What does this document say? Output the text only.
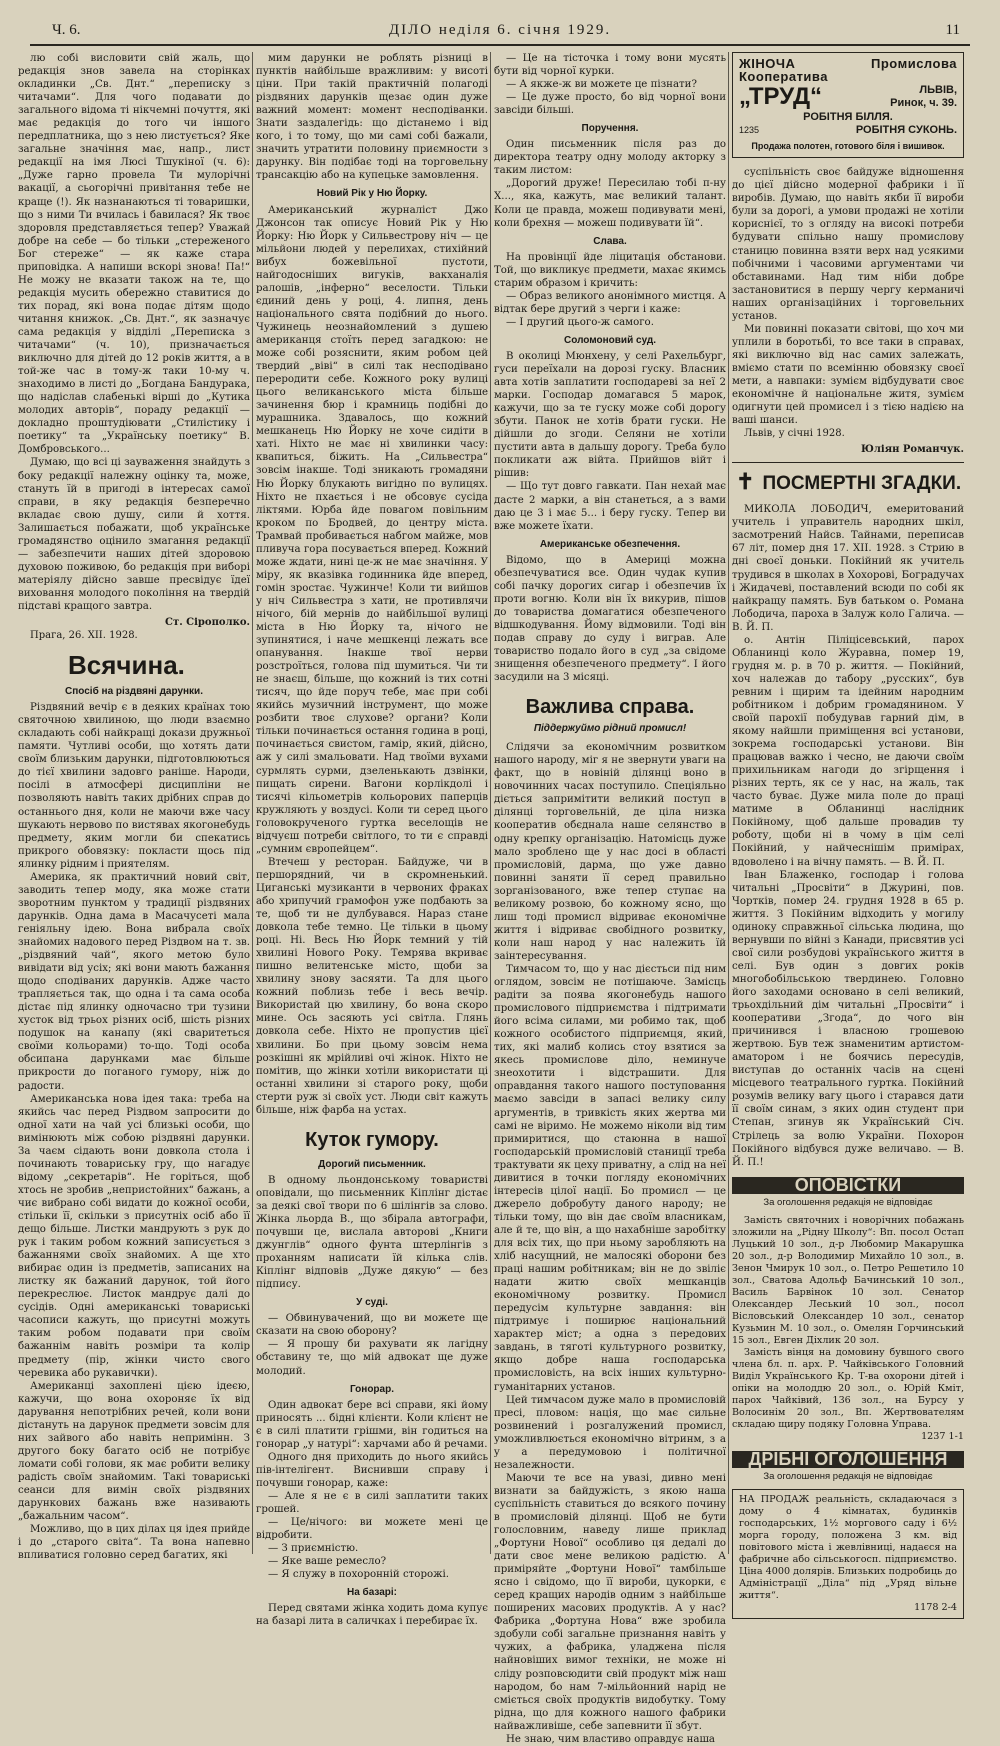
Ч. 6.	ДІЛО неділя 6. січня 1929.	11

лю собі висловити свій жаль, що редакція знов завела на сторінках окладинки „Св. Днт.“ „переписку з читачами“. Для чого подавати до загального відома ті нікчемні почуття, які має редакція до того чи іншого передплатника, що з нею листується? Яке загальне значіння має, напр., лист редакції на імя Люсі Тшукіної (ч. 6): „Дуже гарно провела Ти мулорічні вакації, а сьогорічні привітання тебе не краще (!). Як назнанаються ті товаришки, що з ними Ти вчилась і бавилася? Як твоє здоровля представляється тепер? Уважай добре на себе — бо тільки „стереженого Бог стереже“ — як каже стара приповідка. А напиши вскорі знова! Па!“ Не можу не вказати також на те, що редакція мусить обережно ставитися до тих порад, які вона подає дітям щодо читання книжок. „Св. Днт.“, як зазначує сама редакція у відділі „Переписка з читачами“ (ч. 10), призначається виключно для дітей до 12 років життя, а в той-же час в тому-ж таки 10-му ч. знаходимо в листі до „Богдана Бандурака, що надіслав слабенькі вірші до „Кутика молодих авторів“, пораду редакції — докладно проштудіювати „Стилістику і поетику“ та „Українську поетику“ В. Домбровського...

Думаю, що всі ці зауваження знайдуть з боку редакції належну оцінку та, може, стануть їй в пригоді в інтересах самої справи, в яку редакція безперечно вкладає свою душу, сили й хоття. Залишається побажати, щоб українське громадянство оцінило змагання редакції — забезпечити наших дітей здоровою духовою поживою, бо редакція при виборі матеріялу дійсно завше пресвідує їдеї виховання молодого покоління на твердій підставі кращого завтра.

Ст. Сірополко.
Прага, 26. XII. 1928.
Всячина.
Спосіб на різдвяні дарунки.

Різдвяний вечір є в деяких країнах тою святочною хвилиною, що люди взаємно складають собі найкращі докази дружньої памяти. Чутливі особи, що хотять дати своїм близьким дарунки, підготовлюються до тієї хвилини задовго раніше. Народи, посілі в атмосфері дисципліни не позволяють навіть таких дрібних справ до останнього дня, коли не маючи вже часу шукають нервово по вистявах якогонебудь предмету, яким могли би спекатись прикрого обовязку: покласти щось під ялинку рідним і приятелям.

Америка, як практичний новий світ, заводить тепер моду, яка може стати зворотним пунктом у традиції різдвяних дарунків. Одна дама в Масачусеті мала геніяльну ідею. Вона вибрала своїх знайомих надового перед Різдвом на т. зв. „різдвяний чай“, якого метою було вивідати від усіх; які вони мають бажання щодо сподіваних дарунків. Адже часто трапляється так, що одна і та сама особа дістає під ялинку одночасно три тузини хусток від трьох різних осіб, шість різних подушок на канапу (які сваритеться своїми кольорами) то-що. Тоді особа обсипана дарунками має більше прикрости до поганого гумору, ніж до радости.

Американська нова ідея така: треба на якийсь час перед Різдвом запросити до одної хати на чай усі близькі особи, що вимінюють між собою різдвяні дарунки. За чаєм сідають вони довкола стола і починають товариську гру, що нагадує відому „секретарів“. Не горіться, щоб хтось не зробив „непристойних“ бажань, а чиє вибрано собі видати до кожної особи, стільки її, скільки з присутніх осіб або її дещо більше. Листки мандрують з рук до рук і таким робом кожний записується з бажаннями своїх знайомих. А ще хто вибирає один із предметів, записаних на листку як бажаний дарунок, той його перекреслює. Листок мандрує далі до сусідів. Одні американські товариські часописи кажуть, що присутні можуть таким робом подавати при своїм бажаннім навіть розміри та колір предмету (пір, жінки чисто свого черевика або рукавички).

Американці захоплені цією ідеєю, кажучи, що вона охороняє їх від дарування непотрібних речей, коли вони дістануть на дарунок предмети зовсім для них зайвого або навіть непримінн. З другого боку багато осіб не потрібує ломати собі голови, як має робити велику радість своїм знайомим. Такі товариські сеанси для вимін своїх різдвяних дарункових бажань вже називають „бажальним часом“.

Можливо, що в цих ділах ця ідея прийде і до „старого світа“. Та вона напевно впливатися головно серед багатих, які

мим дарунки не роблять різниці в пунктів найбільше вражливим: у висоті ціни. При такій практичній полагоді різдвяних дарунків щезає один дуже важний момент: момент несподіванки. Знати заздалегідь: що дістанемо і від кого, і то тому, що ми самі собі бажали, значить утратити половину приємности з дарунку. Він подібає тоді на торговельну трансакцію або на купецьке замовлення.

Новий Рік у Ню Йорку.

Американський журналіст Джо Джонсон так описує Новий Рік у Ню Йорку: Ню Йорк у Сильвестрову ніч — це мільйони людей у перелихах, стихійний вибух божевільної пустоти, найгодосніших вигуків, вакханалія ралошів, „інферно“ веселости. Тільки єдиний день у році, 4. липня, день національного свята подібний до нього. Чужинець неознайомлений з душею американця стоїть перед загадкою: не може собі розяснити, яким робом цей твердий „віві“ в силі так несподівано переродити себе. Кожного року вулиці цього великанського міста більше зачинення бюр і крамниць подібні до мурашника. Здавалось, що кожний мешканець Ню Йорку не хоче сидіти в хаті. Ніхто не має ні хвилинки часу: квапиться, біжить. На „Сильвестра“ зовсім інакше. Тоді зникають громадяни Ню Йорку блукають вигідно по вулицях. Ніхто не пхається і не обсовує сусіда ліктями. Юрба йде повагом повільним кроком по Бродвей, до центру міста. Трамвай пробивається набгом майже, мов пливуча гора посувається вперед. Кожний може ждати, нині це-ж не має значіння. У міру, як вказівка годинника йде вперед, гомін зростає. Чужинче! Коли ти вийшов у ніч Сильвестра з хати, не противлячи нічого, бій мернів до найбільшої вулиці міста в Ню Йорку та, нічого не зупинятися, і наче мешкенці лежать все опанування. Інакше твої нерви розстроїться, голова під шумиться. Чи ти не знаєш, більше, що кожний із тих сотні тисяч, що йде поруч тебе, має при собі якийсь музичний інструмент, що може розбити твоє слухове? органи? Коли тільки починається остання година в році, починається свистом, гамір, який, дійсно, аж у силі змальовати. Над твоїми вухами сурмлять сурми, дзеленькають дзвінки, пищать сирени. Вагони корлікдолі і тисячі кільометрів кольорових паперців кружляють у воздусі. Коли ти серед цього головокрученого гуртка веселощів не відчуєш потреби світлого, то ти є справді „сумним європейцем“.

Втечеш у ресторан. Байдуже, чи в першорядний, чи в скромненький. Циганські музиканти в червоних фраках або хрипучий грамофон уже подбають за те, щоб ти не дулбувався. Нараз стане довкола тебе темно. Це тільки в цьому році. Ні. Весь Ню Йорк темний у тій хвилині Нового Року. Темрява вкриває пишно велитенське місто, щоби за хвилину знову засяяти. Та для цього кожний поблизь тебе і весь вечір. Використай цю хвилину, бо вона скоро мине. Ось засяють усі світла. Глянь довкола себе. Ніхто не пропустив цієї хвилини. Бо при цьому зовсім нема розкішні як мрійливі очі жінок. Ніхто не помітив, що жінки хотіли використати ці останні хвилини зі старого року, щоби стерти руж зі своїх уст. Люди світ кажуть більше, ніж фарба на устах.

Куток гумору.
Дорогий письменник.

В одному льондонському товаристві оповідали, що письменник Кіплінг дістає за деякі свої твори по 6 шілінгів за слово. Жінка льорда В., що збірала автографи, почувши це, вислала авторові „Книги джунглів“ одного фунта штерлінгів з проханням написати їй кілька слів. Кіплінг відповів „Дуже дякую“ — без підпису.

У суді.

— Обвинувачений, що ви можете ще сказати на свою оборону?

— Я прошу би рахувати як лагідну обставину те, що мій адвокат ще дуже молодий.

Гонорар.

Один адвокат бере всі справи, які йому приносять ... бідні клієнти. Коли клієнт не є в силі платити грішми, він годиться на гонорар „у натурі“: харчами або й речами.

Одного дня приходить до нього якийсь пів-інтелігент. Виснивши справу і почувши гонорар, каже:

— Але я не є в силі заплатити таких грошей.

— Це/нічого: ви можете мені це відробити.

— З приємністю.

— Яке ваше ремесло?

— Я служу в похоронній сторожі.

На базарі:

Перед святами жінка ходить дома купує на базарі лита в саличках і перебирає їх.

— Це на тісточка і тому вони мусять бути від чорної курки.

— А якже-ж ви можете це пізнати?

— Це дуже просто, бо від чорної вони завсіди більші.

Поручення.

Один письменник після раз до директора театру одну молоду акторку з таким листом:

„Дорогий друже! Пересилаю тобі п-ну Х..., яка, кажуть, має великий талант. Коли це правда, можеш подивувати мені, коли брехня — можеш подивувати їй“.

Слава.

На провінції йде ліцитація обстанови. Той, що викликує предмети, махає якимсь старим образом і кричить:

— Образ великого анонімного мистця. А відтак бере другий з черги і каже:

— І другий цього-ж самого.

Соломоновий суд.

В околиці Мюнхену, у селі Рахельбург, гуси переїхали на дорозі гуску. Власник авта хотів заплатити господареві за неї 2 марки. Господар домагався 5 марок, кажучи, що за те гуску може собі дорогу збути. Панок не хотів брати гуски. Не дійшли до згоди. Селяни не хотіли пустити авта в дальшу дорогу. Треба було покликати аж війта. Прийшов війт і рішив:

— Що тут довго гавкати. Пан нехай має дасте 2 марки, а він станеться, а з вами даю це 3 і має 5... і беру гуску. Тепер ви вже можете їхати.

Американське обезпечення.

Відомо, що в Америці можна обезпечуватися все. Один чудак купив собі пачку дорогих сигар і обезпечив їх проти вогню. Коли він їх викурив, пішов до товариства домагатися обезпеченого відшкодування. Йому відмовили. Тоді він подав справу до суду і виграв. Але товариство подало його в суд „за свідоме знищення обезпеченого предмету“. І його засудили на 3 місяці.

Важлива справа.
Піддержуймо рідний промисл!

Слідячи за економічним розвитком нашого народу, міг я не звернути уваги на факт, що в новіній ділянці воно в новочинних часах поступило. Спеціяльно діється запримітити великий поступ в ділянці торговельній, де ціла низка кооператив обєднала наше селянство в одну крепку організацію. Натомісць дуже мало зроблено ще у нас досі в області промисловій, дарма, що уже давно повинні заняти її серед правильно зорганізованого, вже тепер ступає на великому розвою, бо кожному ясно, що лиш тоді промисл відриває економічне життя і відриває свобідного розвитку, коли наш народ у нас належить їй заінтересування.

Тимчасом то, що у нас дієстьси під ним оглядом, зовсім не потішаюче. Замісць радіти за поява якогонебудь нашого промислового підприємства і підтримати його всіма силами, ми робимо так, щоб кожного особистого підприємця, який, тих, які малиб колись стоу взятися за якесь промислове діло, неминуче знеохотити і відстрашити. Для оправдання такого нашого поступовання маємо завсіди в запасі велику силу аргументів, в тривкість яких жертва ми самі не віримо. Не можемо ніколи від тим примиритися, що стаюнна в нашої господарській промисловій станиції треба трактувати як цеху приватну, а слід на неї дивитися в точки погляду економічних інтересів цілої нації. Бо промисл — це джерело добробуту даного народу; не тільки тому, що він дає своїм власникам, але й те, що він, а що нахабніше заробітку для всіх тих, що при ньому заробляють на хліб насущний, не малосякі оборони без праці нашим робітникам; він не до звіліє надати житю своїх мешканців економічному розвитку. Промисл передусім культурне завдання: він підтримує і поширює національний характер міст; а одна з передових завдань, в тяготі культурного розвитку, якщо добре наша господарська промисловість, на всіх інших культурно-гуманітарних установ.

Цей тимчасом дуже мало в промисловій пресі, пловом: нація, що має сильне розвинений і розгалужений промисл, уможливлюється економічно вітринм, з a y a передумовою і політичної незалежности.

Маючи те все на увазі, дивно мені визнати за байдужість, з якою наша суспільність ставиться до всякого почину в промисловій ділянці. Щоб не бути голословним, наведу лише приклад „Фортуни Нової“ особливо ця дедалі до дати своє мене великою радістю. А приміряйте „Фортуни Нової“ тамбільше ясно і свідомо, що її вироби, цукорки, є серед кращих народів одним з найбільше поширених масових продуктів. А у нас? Фабрика „Фортуна Нова“ вже зробила здобули собі загальне признання навіть у чужих, а фабрика, уладжена після найновіших вимог техніки, не може ні сліду розповсюдити свій продукт між наш народом, бо нам 7-мільйонний нарід не сміється своїх продуктів видобутку. Тому рідна, що для кожного нашого фабрики найважливіше, себе запевнити її збут.

Не знаю, чим властиво оправдує наша

ЖІНОЧА Промислова Кооператива
„ТРУД“	ЛЬВІВ,
Ринок, ч. 39.
РОБІТНЯ БІЛЛЯ.
1235	РОБІТНЯ СУКОНЬ.
Продажа полотен, готового біля і вишивок.

суспільність своє байдуже відношення до цієї дійсно модерної фабрики і її виробів. Думаю, що навіть якби її вироби були за дорогі, а умови продажі не хотіли кориснієї, то з огляду на високі потреби будувати спільно нашу промислову станицю повинна взяти верх над усякими побічними і часовими аргументами чи обставинами. Над тим ніби добре застановитися в першу чергу керманичі наших організаційних і торговельних устанoв.

Ми повинні показати світові, що хоч ми уплили в боротьбі, то все таки в справах, які виключно від нас самих залежать, вміємо стати по всемінню обовязку своєї мети, а навпаки: зумієм відбудувати своє економічне й національне житя, зумієм одигнути цей промисел і з тією надією на ваші шанси.

Львів, у січні 1928.
Юліян Романчук.
✝ ПОСМЕРТНІ ЗГАДКИ.

МИКОЛА ЛОБОДИЧ, емеритований учитель і управитель народних шкіл, засмотрений Найсв. Тайнами, переписав 67 літ, помер дня 17. XII. 1928. з Стрию в дні своєї доньки. Покійний як учитель трудився в школах в Хохорові, Боградучах і Жидачеві, поставлений всюди по собі як найкращу память. Був батьком о. Романа Лободича, пароха в Залуж коло Галича. — В. Й. П.

о. Антін Піліцісевський, парох Обланинці коло Журавна, помер 19, грудня м. р. в 70 р. життя. — Покійний, хоч належав до табору „русских“, був ревним і щирим та ідейним народним робітником і добрим громадянином. У своїй парохії побудував гарний дім, в якому найшли приміщення всі установи, зокрема господарські установи. Він працював важко і чесно, не даючи своїм прихильникам нагоди до згірщення і різних терть, як се у нас, на жаль, так часто буває. Дуже мила поле до праці матиме в Обланинці наслідник Покійному, щоб дальше провадив ту роботу, щоби ні в чому в цім селі Покійний, у найчеснішім примірах, вдоволено і на вічну память. — В. Й. П.

Іван Блаженко, господар і голова читальні „Просвіти“ в Джурині, пов. Чортків, помер 24. грудня 1928 в 65 р. життя. З Покійним відходить у могилу одиноку справжньої сільська людина, що вернувши по війні з Канади, присвятив усі свої сили розбудові українського життя в селі. Був один з довгих років многобобільською твердинею. Головно його заходами основано в селі великий, трьохдільний дім читальні „Просвіти“ і кооперативи „Згода“, до чого він причинився і власною грошевою жертвою. Був теж знаменитим артистом-аматором і не боячись пересудів, виступав до останніх часів на сцені місцевого театрального гуртка. Покійний розумів велику вагу цього і старався дати її своїм синам, з яких один студент при Степан, згинув як Український Січ. Стрілець за волю України. Похорон Покійного відбувся дуже величаво. — В. Й. П.!

ОПОВІСТКИ
За оголошення редакція не відповідає

Замість святочних і новорічних побажань зложили на „Рідну Школу“: Вп. посол Остап Луцький 10 зол., д-р Любомир Макарушка 20 зол., д-р Володимир Михайло 10 зол., в. Зенон Чмирук 10 зол., о. Петро Решетило 10 зол., Сватова Адольф Бачинський 10 зол., Василь Барвінок 10 зол. Сенатор Олександер Леський 10 зол., посол Вісловський Олександер 10 зол., сенатор Кузьмин М. 10 зол., о. Омелян Горчинський 15 зол., Евген Діхлик 20 зол.

Замість вінця на домовину бувшого свого члена бл. п. арх. Р. Чайківського Головний Виділ Українського Кр. Т-ва охорони дітей і опіки на молоддю 20 зол., о. Юрій Кміт, парох Чайківий, 136 зол., на Бурсу у Волосинім 20 зол., Вп. Жертвователям складаю щиру подяку Головна Управа.

1237 1-1
ДРІБНІ ОГОЛОШЕННЯ
За оголошення редакція не відповідає
НА ПРОДАЖ реальність, складаючася з дому о 4 кімнатах, будинків господарських, 1½ моргового саду і 6½ морга городу, положена 3 км. від повітового міста і жевлівниці, надаєся на фабричне або сільськогосп. підприємство. Ціна 4000 долярів. Близьких подробиць до Адміністрації „Діла“ під „Уряд вільне життя“.
1178 2-4
